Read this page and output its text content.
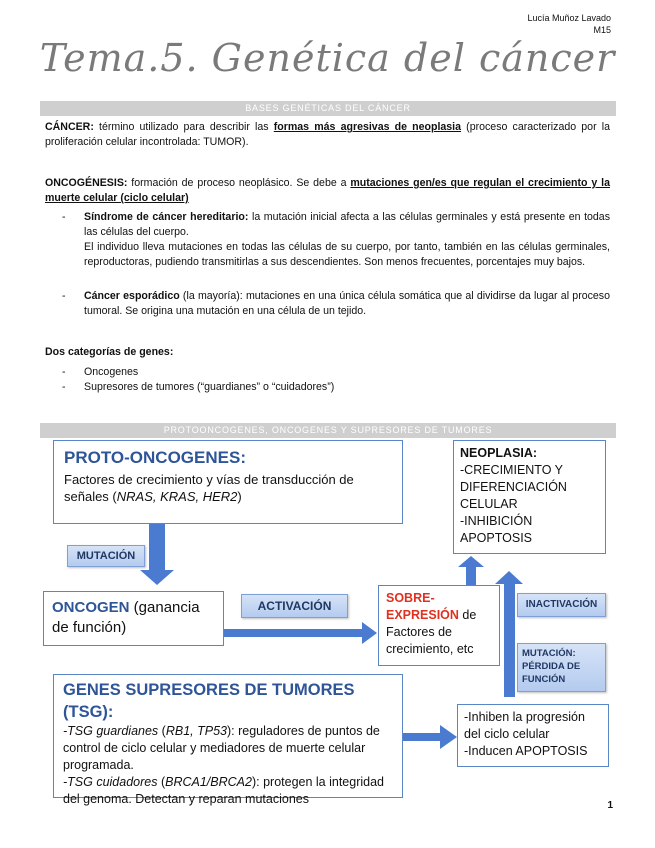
Lucía Muñoz Lavado
M15
Tema.5. Genética del cáncer
BASES GENÉTICAS DEL CÁNCER
CÁNCER: término utilizado para describir las formas más agresivas de neoplasia (proceso caracterizado por la proliferación celular incontrolada: TUMOR).
ONCOGÉNESIS: formación de proceso neoplásico. Se debe a mutaciones gen/es que regulan el crecimiento y la muerte celular (ciclo celular)
- Síndrome de cáncer hereditario: la mutación inicial afecta a las células germinales y está presente en todas las células del cuerpo.
El individuo lleva mutaciones en todas las células de su cuerpo, por tanto, también en las células germinales, reproductoras, pudiendo transmitirlas a sus descendientes. Son menos frecuentes, porcentajes muy bajos.
- Cáncer esporádico (la mayoría): mutaciones en una única célula somática que al dividirse da lugar al proceso tumoral. Se origina una mutación en una célula de un tejido.
Dos categorías de genes:
- Oncogenes
- Supresores de tumores (“guardianes” o “cuidadores”)
PROTOONCOGENES, ONCOGENES Y SUPRESORES DE TUMORES
PROTO-ONCOGENES:
Factores de crecimiento y vías de transducción de señales (NRAS, KRAS, HER2)
MUTACIÓN
ONCOGEN (ganancia de función)
ACTIVACIÓN
SOBRE-EXPRESIÓN de Factores de crecimiento, etc
NEOPLASIA:
-CRECIMIENTO Y DIFERENCIACIÓN CELULAR
-INHIBICIÓN APOPTOSIS
INACTIVACIÓN
MUTACIÓN: PÉRDIDA DE FUNCIÓN
GENES SUPRESORES DE TUMORES (TSG):
-TSG guardianes (RB1, TP53): reguladores de puntos de control de ciclo celular y mediadores de muerte celular programada.
-TSG cuidadores (BRCA1/BRCA2): protegen la integridad del genoma. Detectan y reparan mutaciones
-Inhiben la progresión del ciclo celular
-Inducen APOPTOSIS
1
